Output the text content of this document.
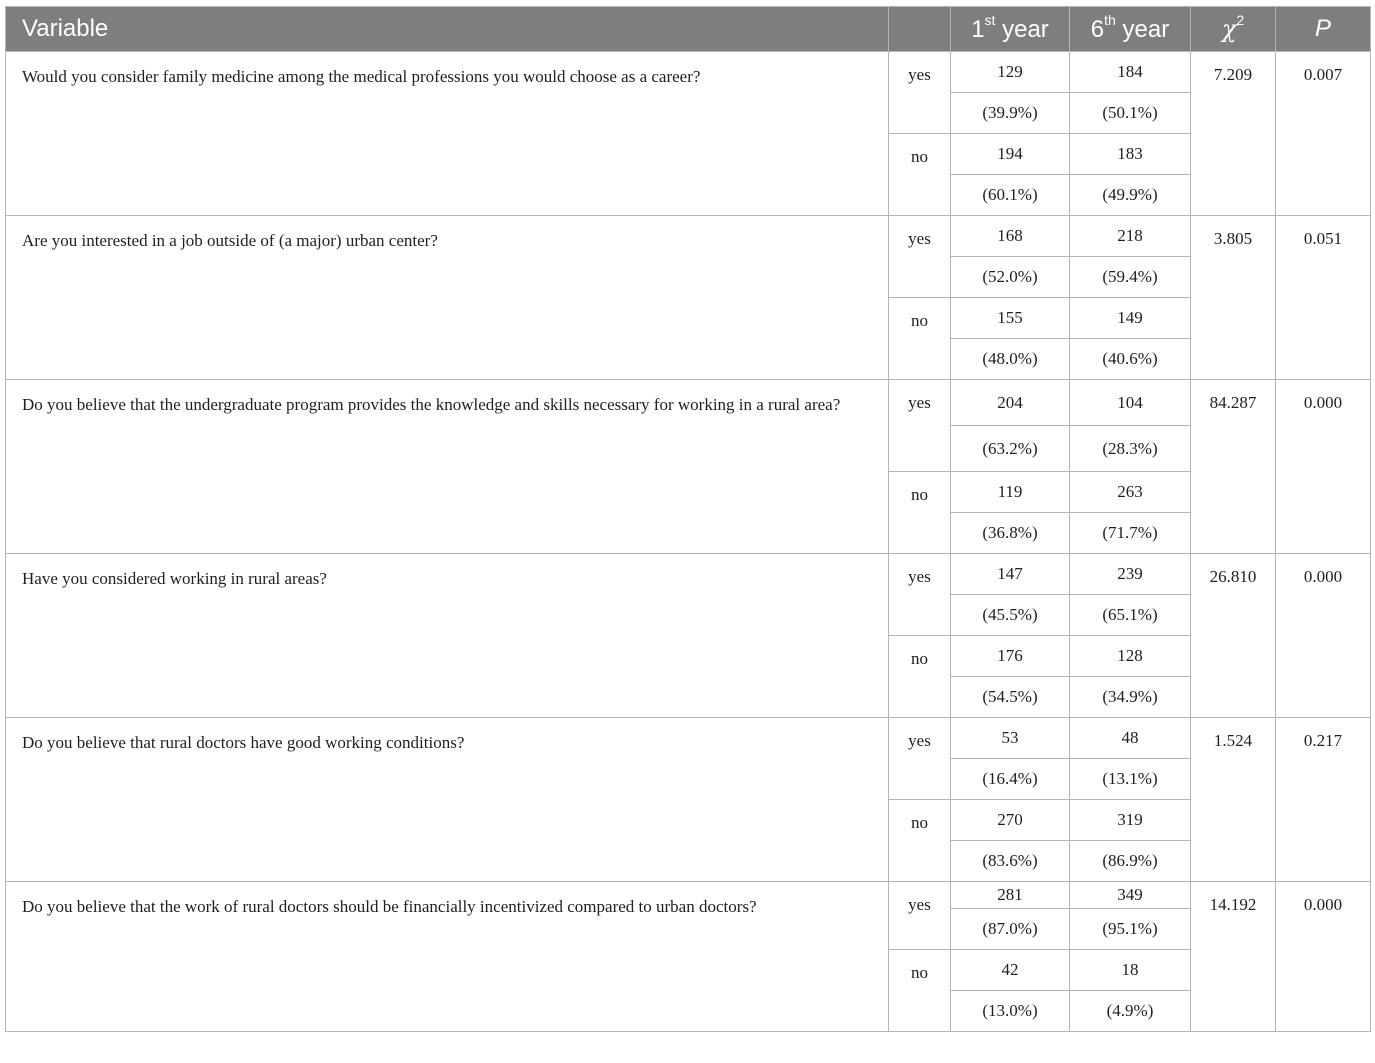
Variable		1st year	6th year	$\chi^2$	P
Would you consider family medicine among the medical professions you would choose as a career?	yes	129	184	7.209	0.007
		(39.9%)	(50.1%)		
	no	194	183		
		(60.1%)	(49.9%)		
Are you interested in a job outside of (a major) urban center?	yes	168	218	3.805	0.051
		(52.0%)	(59.4%)		
	no	155	149		
		(48.0%)	(40.6%)		
Do you believe that the undergraduate program provides the knowledge and skills necessary for working in a rural area?	yes	204	104	84.287	0.000
		(63.2%)	(28.3%)		
	no	119	263		
		(36.8%)	(71.7%)		
Have you considered working in rural areas?	yes	147	239	26.810	0.000
		(45.5%)	(65.1%)		
	no	176	128		
		(54.5%)	(34.9%)		
Do you believe that rural doctors have good working conditions?	yes	53	48	1.524	0.217
		(16.4%)	(13.1%)		
	no	270	319		
		(83.6%)	(86.9%)		
Do you believe that the work of rural doctors should be financially incentivized compared to urban doctors?	yes	281	349	14.192	0.000
		(87.0%)	(95.1%)		
	no	42	18		
		(13.0%)	(4.9%)		
